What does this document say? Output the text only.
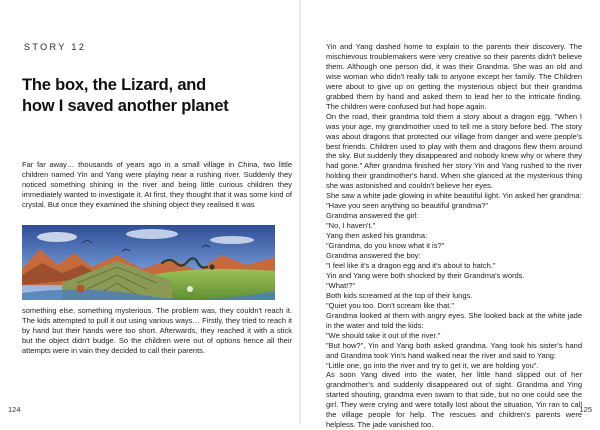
STORY 12
The box, the Lizard, and
how I saved another planet

Far far away… thousands of years ago in a small village in China, two little children named Yin and Yang were playing near a rushing river. Suddenly they noticed something shining in the river and being little curious children they immediately wanted to investigate it. At first, they thought that it was some kind of crystal. But once they examined the shining object they realised it was

something else, something mysterious. The problem was, they couldn't reach it. The kids attempted to pull it out using various ways… Firstly, they tried to reach it by hand but their hands were too short. Afterwards, they reached it with a stick but the object didn't budge. So the children were out of options hence all their attempts were in vain they decided to call their parents.

124

Yin and Yang dashed home to explain to the parents their discovery. The mischievous troublemakers were very creative so their parents didn't believe them. Although one person did, it was their Grandma. She was an old and wise woman who didn't really talk to anyone except her family. The Children were about to give up on getting the mysterious object but their grandma grabbed them by hand and asked them to lead her to the intricate finding. The children were confused but had hope again.

On the road, their grandma told them a story about a dragon egg. "When I was your age, my grandmother used to tell me a story before bed. The story was about dragons that protected our village from danger and were people's best friends. Children used to play with them and dragons flew them around the sky. But suddenly they disappeared and nobody knew why or where they had gone." After grandma finished her story Yin and Yang rushed to the river holding their grandmother's hand. When she glanced at the mysterious thing she was astonished and couldn't believe her eyes.

She saw a white jade glowing in white beautiful light. Yin asked her grandma:

"Have you seen anything so beautiful grandma?"

Grandma answered the girl:

"No, I haven't."

Yang then asked his grandma:

"Grandma, do you know what it is?"

Grandma answered the boy:

"I feel like it's a dragon egg and it's about to hatch."

Yin and Yang were both shocked by their Grandma's words.

"What!?"

Both kids screamed at the top of their lungs.

"Quiet you too. Don't scream like that."

Grandma looked at them with angry eyes. She looked back at the white jade in the water and told the kids:

"We should take it out of the river."

"But how?", Yin and Yang both asked grandma. Yang took his sister's hand and Grandma took Yin's hand walked near the river and said to Yang:

"Little one, go into the river and try to get it, we are holding you".

As soon Yang dived into the water, her little hand slipped out of her grandmother's and suddenly disappeared out of sight. Grandma and Ying started shouting, grandma even swam to that side, but no one could see the girl. They were crying and were totally lost about the situation, Yin ran to call the village people for help. The rescues and children's parents were helpless. The jade vanished too.

125
